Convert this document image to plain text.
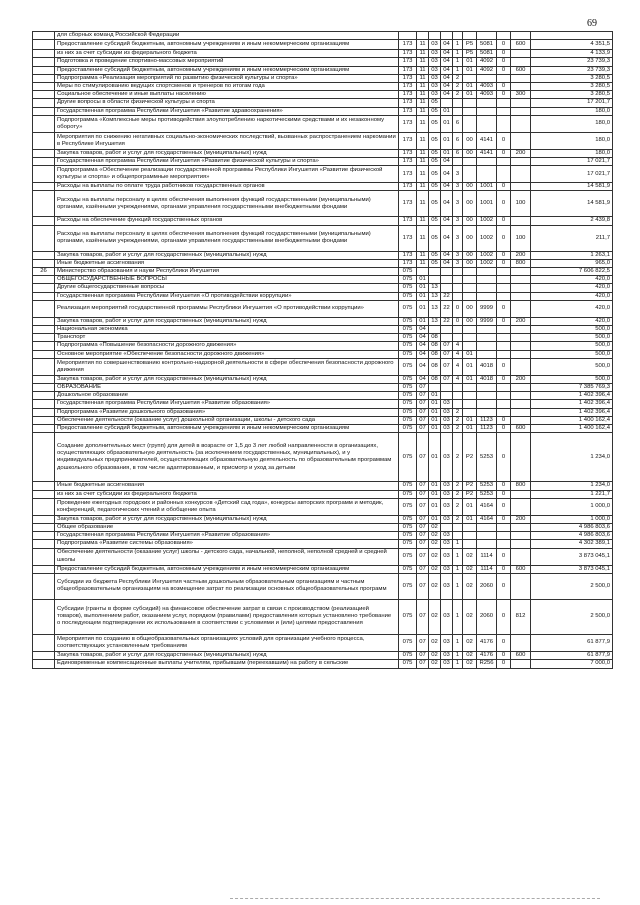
69
	для сборных команд Российской Федерации										
	Предоставление субсидий бюджетным, автономным учреждениям и иным некоммерческим организациям	173	11	03	04	1	P5	5081	0	600	4 351,5
	из них за счет субсидии из федерального бюджета	173	11	03	04	1	P5	5081	0		4 133,9
	Подготовка и проведение спортивно-массовых мероприятий	173	11	03	04	1	01	4092	0		23 739,3
	Предоставление субсидий бюджетным, автономным учреждениям и иным некоммерческим организациям	173	11	03	04	1	01	4092	0	600	23 739,3
	Подпрограмма «Реализация мероприятий по развитию физической культуры и спорта»	173	11	03	04	2					3 280,5
	Меры по стимулированию ведущих спортсменов и тренеров по итогам года	173	11	03	04	2	01	4093	0		3 280,5
	Социальное обеспечение и иные выплаты населению	173	11	03	04	2	01	4093	0	300	3 280,5
	Другие вопросы в области физической культуры и спорта	173	11	05							17 201,7
	Государственная программа Республики Ингушетия «Развитие здравоохранения»	173	11	05	01						180,0
	Подпрограмма «Комплексные меры противодействия злоупотреблению наркотическими средствами и их незаконному обороту»	173	11	05	01	6					180,0
	Мероприятия по снижению негативных социально-экономических последствий, вызванных распространением наркомании в Республике Ингушетия	173	11	05	01	6	00	4141	0		180,0
	Закупка товаров, работ и услуг для государственных (муниципальных) нужд	173	11	05	01	6	00	4141	0	200	180,0
	Государственная программа Республики Ингушетия «Развитие физической культуры и спорта»	173	11	05	04						17 021,7
	Подпрограмма «Обеспечение реализации государственной программы Республики Ингушетия «Развитие физической культуры и спорта» и общепрограммные мероприятия»	173	11	05	04	3					17 021,7
	Расходы на выплаты по оплате труда работников государственных органов	173	11	05	04	3	00	1001	0		14 581,9
	Расходы на выплаты персоналу в целях обеспечения выполнения функций государственными (муниципальными) органами, казёнными учреждениями, органами управления государственными внебюджетными фондами	173	11	05	04	3	00	1001	0	100	14 581,9
	Расходы на обеспечение функций государственных органов	173	11	05	04	3	00	1002	0		2 439,8
	Расходы на выплаты персоналу в целях обеспечения выполнения функций государственными (муниципальными) органами, казёнными учреждениями, органами управления государственными внебюджетными фондами	173	11	05	04	3	00	1002	0	100	211,7
	Закупка товаров, работ и услуг для государственных (муниципальных) нужд	173	11	05	04	3	00	1002	0	200	1 263,1
	Иные бюджетные ассигнования	173	11	05	04	3	00	1002	0	800	965,0
26	Министерство образования и науки Республики Ингушетия	075									7 606 822,5
	ОБЩЕГОСУДАРСТВЕННЫЕ ВОПРОСЫ	075	01								420,0
	Другие общегосударственные вопросы	075	01	13							420,0
	Государственная программа Республики Ингушетия «О противодействии коррупции»	075	01	13	22						420,0
	Реализация мероприятий государственной программы Республики Ингушетия «О противодействии коррупции»	075	01	13	22	0	00	9999	0		420,0
	Закупка товаров, работ и услуг для государственных (муниципальных) нужд	075	01	13	22	0	00	9999	0	200	420,0
	Национальная экономика	075	04								500,0
	Транспорт	075	04	08							500,0
	Подпрограмма «Повышение безопасности дорожного движения»	075	04	08	07	4					500,0
	Основное мероприятие «Обеспечение безопасности дорожного движения»	075	04	08	07	4	01				500,0
	Мероприятия по совершенствованию контрольно-надзорной деятельности в сфере обеспечения безопасности дорожного движения	075	04	08	07	4	01	4018	0		500,0
	Закупка товаров, работ и услуг для государственных (муниципальных) нужд	075	04	08	07	4	01	4018	0	200	500,0
	ОБРАЗОВАНИЕ	075	07								7 385 769,3
	Дошкольное образование	075	07	01							1 402 396,4
	Государственная программа Республики Ингушетия «Развитие образования»	075	07	01	03						1 402 396,4
	Подпрограмма «Развитие дошкольного образования»	075	07	01	03	2					1 402 396,4
	Обеспечение деятельности (оказание услуг) дошкольной организации, школы - детского сада	075	07	01	03	2	01	1123	0		1 400 162,4
	Предоставление субсидий бюджетным, автономным учреждениям и иным некоммерческим организациям	075	07	01	03	2	01	1123	0	600	1 400 162,4
	Создание дополнительных мест (групп) для детей в возрасте от 1,5 до 3 лет любой направленности в организациях, осуществляющих образовательную деятельность (за исключением государственных, муниципальных), и у индивидуальных предпринимателей, осуществляющих образовательную деятельность по образовательным программам дошкольного образования, в том числе адаптированным, и присмотр и уход за детьми	075	07	01	03	2	P2	5253	0		1 234,0
	Иные бюджетные ассигнования	075	07	01	03	2	P2	5253	0	800	1 234,0
	из них за счет субсидии из федерального бюджета	075	07	01	03	2	P2	5253	0		1 221,7
	Проведение ежегодных городских и районных конкурсов «Детский сад года», конкурсы авторских программ и методик, конференций, педагогических чтений и обобщение опыта	075	07	01	03	2	01	4164	0		1 000,0
	Закупка товаров, работ и услуг для государственных (муниципальных) нужд	075	07	01	03	2	01	4164	0	200	1 000,0
	Общее образование	075	07	02							4 986 803,6
	Государственная программа Республики Ингушетия «Развитие образования»	075	07	02	03						4 986 803,6
	Подпрограмма «Развитие системы образования»	075	07	02	03	1					4 302 389,1
	Обеспечение деятельности (оказание услуг) школы - детского сада, начальной, неполной, неполной средней и средней школы	075	07	02	03	1	02	1114	0		3 873 045,1
	Предоставление субсидий бюджетным, автономным учреждениям и иным некоммерческим организациям	075	07	02	03	1	02	1114	0	600	3 873 045,1
	Субсидии из бюджета Республики Ингушетия частным дошкольным образовательным организациям и частным общеобразовательным организациям на возмещение затрат по реализации основных общеобразовательных программ	075	07	02	03	1	02	2060	0		2 500,0
	Субсидии (гранты в форме субсидий) на финансовое обеспечение затрат в связи с производством (реализацией товаров), выполнением работ, оказанием услуг, порядком (правилами) предоставления которых установлено требование о последующем подтверждении их использования в соответствии с условиями и (или) целями предоставления	075	07	02	03	1	02	2060	0	812	2 500,0
	Мероприятия по созданию в общеобразовательных организациях условий для организации учебного процесса, соответствующих установленным требованиям	075	07	02	03	1	02	4176	0		61 877,9
	Закупка товаров, работ и услуг для государственных (муниципальных) нужд	075	07	02	03	1	02	4176	0	600	61 877,9
	Единовременные компенсационные выплаты учителям, прибывшим (переехавшим) на работу в сельские	075	07	02	03	1	02	R256	0		7 000,0
